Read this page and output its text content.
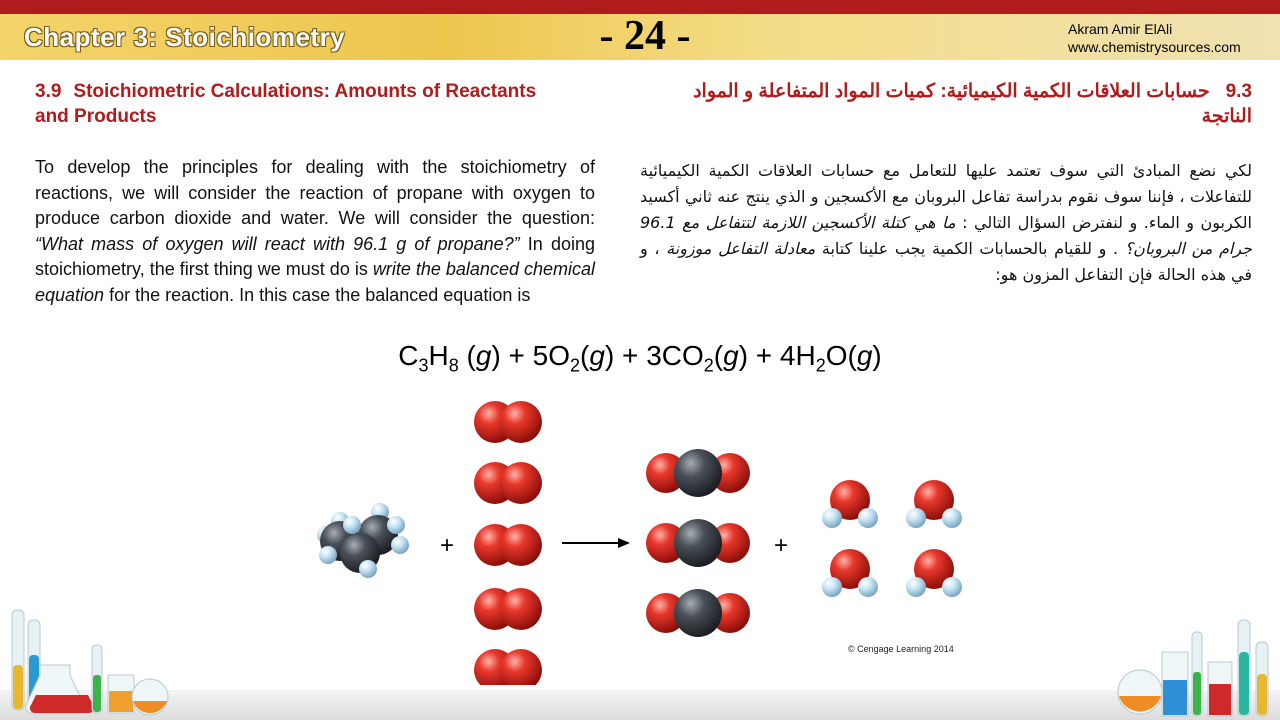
Chapter 3: Stoichiometry	- 24 -	Akram Amir ElAli
www.chemistrysources.com
3.9 Stoichiometric Calculations: Amounts of Reactants and Products
9.3   حسابات العلاقات الكمية الكيميائية: كميات المواد المتفاعلة و المواد الناتجة
To develop the principles for dealing with the stoichiometry of reactions, we will consider the reaction of propane with oxygen to produce carbon dioxide and water. We will consider the question: “What mass of oxygen will react with 96.1 g of propane?” In doing stoichiometry, the first thing we must do is write the balanced chemical equation for the reaction. In this case the balanced equation is
لكي نضع المبادئ التي سوف تعتمد عليها للتعامل مع حسابات العلاقات الكمية الكيميائية للتفاعلات ، فإننا سوف نقوم بدراسة تفاعل البروبان مع الأكسجين و الذي ينتج عنه ثاني أكسيد الكربون و الماء. و لنفترض السؤال التالي : ما هي كتلة الأكسجين اللازمة لتتفاعل مع 96.1 جرام من البروبان؟ . و للقيام بالحسابات الكمية يجب علينا كتابة معادلة التفاعل موزونة ، و في هذه الحالة فإن التفاعل المزون هو:
$C_3H_8$ $(g) + 5O_2(g) + 3CO_2(g) + 4H_2O(g)$
+	+
© Cengage Learning 2014
